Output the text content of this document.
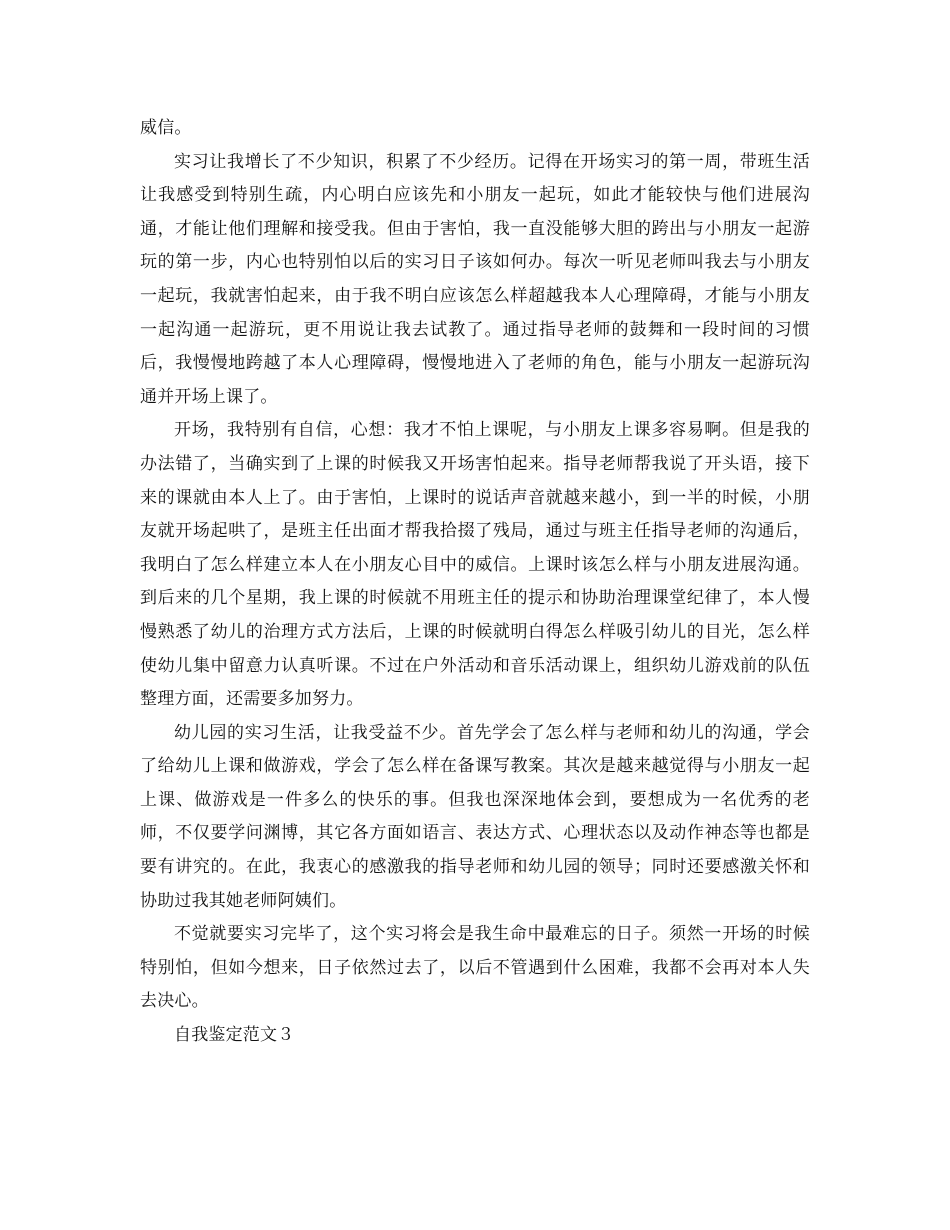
威信。

实习让我增长了不少知识，积累了不少经历。记得在开场实习的第一周，带班生活让我感受到特别生疏，内心明白应该先和小朋友一起玩，如此才能较快与他们进展沟通，才能让他们理解和接受我。但由于害怕，我一直没能够大胆的跨出与小朋友一起游玩的第一步，内心也特别怕以后的实习日子该如何办。每次一听见老师叫我去与小朋友一起玩，我就害怕起来，由于我不明白应该怎么样超越我本人心理障碍，才能与小朋友一起沟通一起游玩，更不用说让我去试教了。通过指导老师的鼓舞和一段时间的习惯后，我慢慢地跨越了本人心理障碍，慢慢地进入了老师的角色，能与小朋友一起游玩沟通并开场上课了。

开场，我特别有自信，心想：我才不怕上课呢，与小朋友上课多容易啊。但是我的办法错了，当确实到了上课的时候我又开场害怕起来。指导老师帮我说了开头语，接下来的课就由本人上了。由于害怕，上课时的说话声音就越来越小，到一半的时候，小朋友就开场起哄了，是班主任出面才帮我拾掇了残局，通过与班主任指导老师的沟通后，我明白了怎么样建立本人在小朋友心目中的威信。上课时该怎么样与小朋友进展沟通。到后来的几个星期，我上课的时候就不用班主任的提示和协助治理课堂纪律了，本人慢慢熟悉了幼儿的治理方式方法后，上课的时候就明白得怎么样吸引幼儿的目光，怎么样使幼儿集中留意力认真听课。不过在户外活动和音乐活动课上，组织幼儿游戏前的队伍整理方面，还需要多加努力。

幼儿园的实习生活，让我受益不少。首先学会了怎么样与老师和幼儿的沟通，学会了给幼儿上课和做游戏，学会了怎么样在备课写教案。其次是越来越觉得与小朋友一起上课、做游戏是一件多么的快乐的事。但我也深深地体会到，要想成为一名优秀的老师，不仅要学问渊博，其它各方面如语言、表达方式、心理状态以及动作神态等也都是要有讲究的。在此，我衷心的感激我的指导老师和幼儿园的领导；同时还要感激关怀和协助过我其她老师阿姨们。

不觉就要实习完毕了，这个实习将会是我生命中最难忘的日子。须然一开场的时候特别怕，但如今想来，日子依然过去了，以后不管遇到什么困难，我都不会再对本人失去决心。

自我鉴定范文３
